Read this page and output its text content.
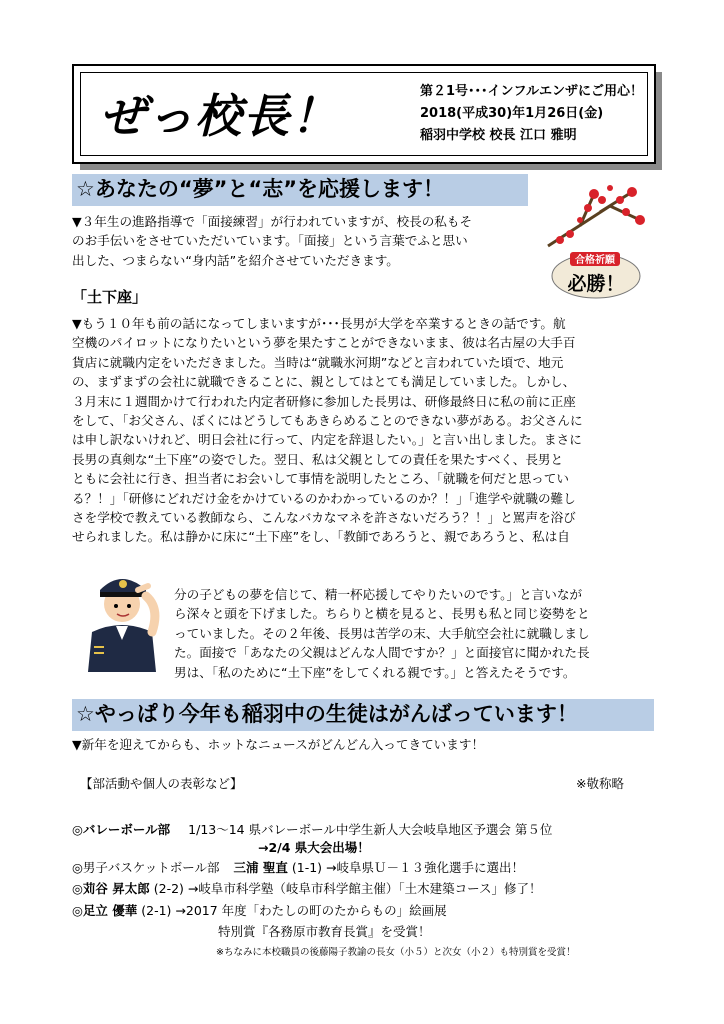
ぜっ校長！	第２1号･･･インフルエンザにご用心！
2018(平成30)年1月26日(金)
稲羽中学校 校長 江口 雅明
☆あなたの“夢”と“志”を応援します！
▼３年生の進路指導で「面接練習」が行われていますが、校長の私もそ
のお手伝いをさせていただいています。「面接」という言葉でふと思い
出した、つまらない“身内話”を紹介させていただきます。	合格祈願
必勝！
「土下座」
▼もう１０年も前の話になってしまいますが･･･長男が大学を卒業するときの話です。航
空機のパイロットになりたいという夢を果たすことができないまま、彼は名古屋の大手百
貨店に就職内定をいただきました。当時は“就職氷河期”などと言われていた頃で、地元
の、まずまずの会社に就職できることに、親としてはとても満足していました。しかし、
３月末に１週間かけて行われた内定者研修に参加した長男は、研修最終日に私の前に正座
をして、「お父さん、ぼくにはどうしてもあきらめることのできない夢がある。お父さんに
は申し訳ないけれど、明日会社に行って、内定を辞退したい。」と言い出しました。まさに
長男の真剣な“土下座”の姿でした。翌日、私は父親としての責任を果たすべく、長男と
ともに会社に行き、担当者にお会いして事情を説明したところ、「就職を何だと思ってい
る？！」「研修にどれだけ金をかけているのかわかっているのか？！」「進学や就職の難し
さを学校で教えている教師なら、こんなバカなマネを許さないだろう？！」と罵声を浴び
せられました。私は静かに床に“土下座”をし、「教師であろうと、親であろうと、私は自
分の子どもの夢を信じて、精一杯応援してやりたいのです。」と言いなが
ら深々と頭を下げました。ちらりと横を見ると、長男も私と同じ姿勢をと
っていました。その２年後、長男は苦学の末、大手航空会社に就職しまし
た。面接で「あなたの父親はどんな人間ですか？」と面接官に聞かれた長
男は、「私のために“土下座”をしてくれる親です。」と答えたそうです。
☆やっぱり今年も稲羽中の生徒はがんばっています！
▼新年を迎えてからも、ホットなニュースがどんどん入ってきています！
【部活動や個人の表彰など】	※敬称略
◎バレーボール部 1/13～14 県バレーボール中学生新人大会岐阜地区予選会 第５位
→2/4 県大会出場！
◎男子バスケットボール部 三浦 聖直 (1-1) →岐阜県Ｕ－１３強化選手に選出！
◎苅谷 昇太郎 (2-2) →岐阜市科学塾（岐阜市科学館主催）「土木建築コース」修了！
◎足立 優華 (2-1) →2017 年度「わたしの町のたからもの」絵画展
特別賞『各務原市教育長賞』を受賞！
※ちなみに本校職員の後藤陽子教諭の長女（小５）と次女（小２）も特別賞を受賞！
